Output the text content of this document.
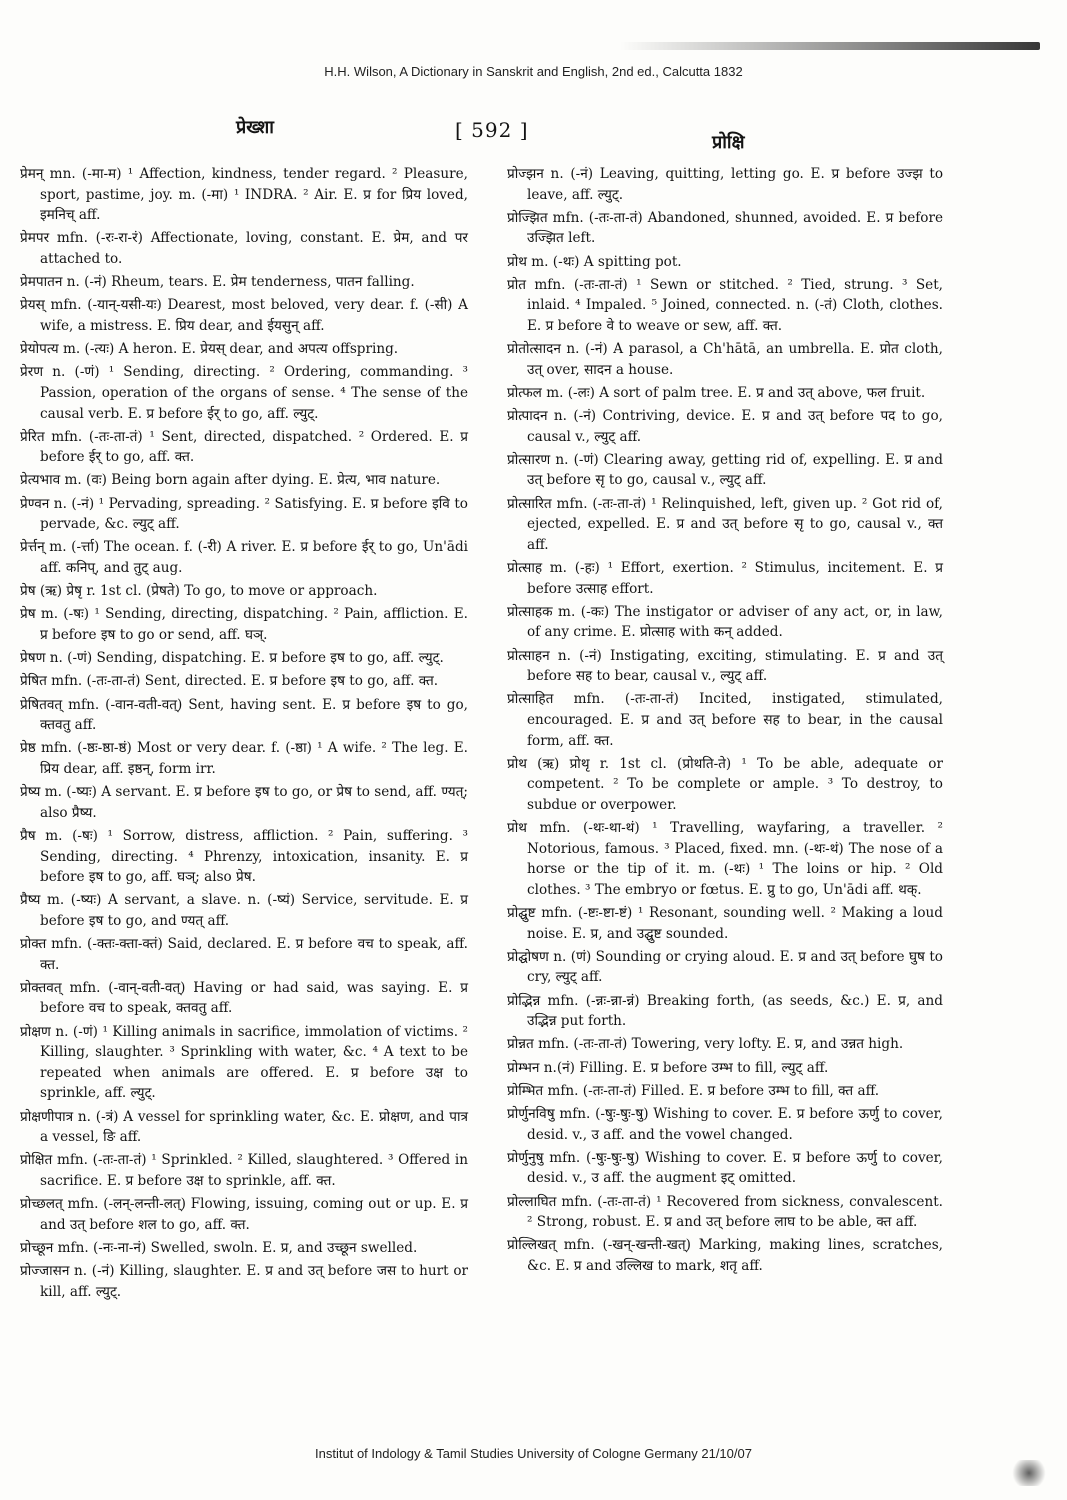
H.H. Wilson, A Dictionary in Sanskrit and English, 2nd ed., Calcutta 1832
प्रेख्शा	[ 592 ]
प्रोक्षि

प्रेमन् mn. (-मा-म) ¹ Affection, kindness, tender regard. ² Pleasure, sport, pastime, joy. m. (-मा) ¹ INDRA. ² Air. E. प्र for प्रिय loved, इमनिच् aff.

प्रेमपर mfn. (-रः-रा-रं) Affectionate, loving, constant. E. प्रेम, and पर attached to.

प्रेमपातन n. (-नं) Rheum, tears. E. प्रेम tenderness, पातन falling.

प्रेयस् mfn. (-यान्-यसी-यः) Dearest, most beloved, very dear. f. (-सी) A wife, a mistress. E. प्रिय dear, and ईयसुन् aff.

प्रेयोपत्य m. (-त्यः) A heron. E. प्रेयस् dear, and अपत्य offspring.

प्रेरण n. (-णं) ¹ Sending, directing. ² Ordering, commanding. ³ Passion, operation of the organs of sense. ⁴ The sense of the causal verb. E. प्र before ईर् to go, aff. ल्युट्.

प्रेरित mfn. (-तः-ता-तं) ¹ Sent, directed, dispatched. ² Ordered. E. प्र before ईर् to go, aff. क्त.

प्रेत्यभाव m. (वः) Being born again after dying. E. प्रेत्य, भाव nature.

प्रेण्वन n. (-नं) ¹ Pervading, spreading. ² Satisfying. E. प्र before इवि to pervade, &c. ल्युट् aff.

प्रेर्त्तन् m. (-र्त्ता) The ocean. f. (-री) A river. E. प्र before ईर् to go, Un'ādi aff. कनिप्, and तुट् aug.

प्रेष (ऋ) प्रेषृ r. 1st cl. (प्रेषते) To go, to move or approach.

प्रेष m. (-षः) ¹ Sending, directing, dispatching. ² Pain, affliction. E. प्र before इष to go or send, aff. घञ्.

प्रेषण n. (-णं) Sending, dispatching. E. प्र before इष to go, aff. ल्युट्.

प्रेषित mfn. (-तः-ता-तं) Sent, directed. E. प्र before इष to go, aff. क्त.

प्रेषितवत् mfn. (-वान-वती-वत्) Sent, having sent. E. प्र before इष to go, क्तवतु aff.

प्रेष्ठ mfn. (-ष्ठः-ष्ठा-ष्ठं) Most or very dear. f. (-ष्ठा) ¹ A wife. ² The leg. E. प्रिय dear, aff. इष्ठन्, form irr.

प्रेष्य m. (-ष्यः) A servant. E. प्र before इष to go, or प्रेष to send, aff. ण्यत्; also प्रैष्य.

प्रैष m. (-षः) ¹ Sorrow, distress, affliction. ² Pain, suffering. ³ Sending, directing. ⁴ Phrenzy, intoxication, insanity. E. प्र before इष to go, aff. घञ्; also प्रेष.

प्रैष्य m. (-ष्यः) A servant, a slave. n. (-ष्यं) Service, servitude. E. प्र before इष to go, and ण्यत् aff.

प्रोक्त mfn. (-क्तः-क्ता-क्तं) Said, declared. E. प्र before वच to speak, aff. क्त.

प्रोक्तवत् mfn. (-वान्-वती-वत्) Having or had said, was saying. E. प्र before वच to speak, क्तवतु aff.

प्रोक्षण n. (-णं) ¹ Killing animals in sacrifice, immolation of victims. ² Killing, slaughter. ³ Sprinkling with water, &c. ⁴ A text to be repeated when animals are offered. E. प्र before उक्ष to sprinkle, aff. ल्युट्.

प्रोक्षणीपात्र n. (-त्रं) A vessel for sprinkling water, &c. E. प्रोक्षण, and पात्र a vessel, ङि aff.

प्रोक्षित mfn. (-तः-ता-तं) ¹ Sprinkled. ² Killed, slaughtered. ³ Offered in sacrifice. E. प्र before उक्ष to sprinkle, aff. क्त.

प्रोच्छलत् mfn. (-लन्-लन्ती-लत्) Flowing, issuing, coming out or up. E. प्र and उत् before शल to go, aff. क्त.

प्रोच्छून mfn. (-नः-ना-नं) Swelled, swoln. E. प्र, and उच्छून swelled.

प्रोज्जासन n. (-नं) Killing, slaughter. E. प्र and उत् before जस to hurt or kill, aff. ल्युट्.

प्रोज्झन n. (-नं) Leaving, quitting, letting go. E. प्र before उज्झ to leave, aff. ल्युट्.

प्रोज्झित mfn. (-तः-ता-तं) Abandoned, shunned, avoided. E. प्र before उज्झित left.

प्रोथ m. (-थः) A spitting pot.

प्रोत mfn. (-तः-ता-तं) ¹ Sewn or stitched. ² Tied, strung. ³ Set, inlaid. ⁴ Impaled. ⁵ Joined, connected. n. (-तं) Cloth, clothes. E. प्र before वे to weave or sew, aff. क्त.

प्रोतोत्सादन n. (-नं) A parasol, a Ch'hātā, an umbrella. E. प्रोत cloth, उत् over, सादन a house.

प्रोत्फल m. (-लः) A sort of palm tree. E. प्र and उत् above, फल fruit.

प्रोत्पादन n. (-नं) Contriving, device. E. प्र and उत् before पद to go, causal v., ल्युट् aff.

प्रोत्सारण n. (-णं) Clearing away, getting rid of, expelling. E. प्र and उत् before सृ to go, causal v., ल्युट् aff.

प्रोत्सारित mfn. (-तः-ता-तं) ¹ Relinquished, left, given up. ² Got rid of, ejected, expelled. E. प्र and उत् before सृ to go, causal v., क्त aff.

प्रोत्साह m. (-हः) ¹ Effort, exertion. ² Stimulus, incitement. E. प्र before उत्साह effort.

प्रोत्साहक m. (-कः) The instigator or adviser of any act, or, in law, of any crime. E. प्रोत्साह with कन् added.

प्रोत्साहन n. (-नं) Instigating, exciting, stimulating. E. प्र and उत् before सह to bear, causal v., ल्युट् aff.

प्रोत्साहित mfn. (-तः-ता-तं) Incited, instigated, stimulated, encouraged. E. प्र and उत् before सह to bear, in the causal form, aff. क्त.

प्रोथ (ऋ) प्रोथृ r. 1st cl. (प्रोथति-ते) ¹ To be able, adequate or competent. ² To be complete or ample. ³ To destroy, to subdue or overpower.

प्रोथ mfn. (-थः-था-थं) ¹ Travelling, wayfaring, a traveller. ² Notorious, famous. ³ Placed, fixed. mn. (-थः-थं) The nose of a horse or the tip of it. m. (-थः) ¹ The loins or hip. ² Old clothes. ³ The embryo or fœtus. E. प्रु to go, Un'ādi aff. थक्.

प्रोद्घुष्ट mfn. (-ष्टः-ष्टा-ष्टं) ¹ Resonant, sounding well. ² Making a loud noise. E. प्र, and उद्घुष्ट sounded.

प्रोद्घोषण n. (णं) Sounding or crying aloud. E. प्र and उत् before घुष to cry, ल्युट् aff.

प्रोद्भिन्न mfn. (-न्नः-न्ना-न्नं) Breaking forth, (as seeds, &c.) E. प्र, and उद्भिन्न put forth.

प्रोन्नत mfn. (-तः-ता-तं) Towering, very lofty. E. प्र, and उन्नत high.

प्रोम्भन n.(नं) Filling. E. प्र before उम्भ to fill, ल्युट् aff.

प्रोम्भित mfn. (-तः-ता-तं) Filled. E. प्र before उम्भ to fill, क्त aff.

प्रोर्णुनविषु mfn. (-षुः-षुः-षु) Wishing to cover. E. प्र before ऊर्णु to cover, desid. v., उ aff. and the vowel changed.

प्रोर्णुनुषु mfn. (-षुः-षुः-षु) Wishing to cover. E. प्र before ऊर्णु to cover, desid. v., उ aff. the augment इट् omitted.

प्रोल्लाघित mfn. (-तः-ता-तं) ¹ Recovered from sickness, convalescent. ² Strong, robust. E. प्र and उत् before लाघ to be able, क्त aff.

प्रोल्लिखत् mfn. (-खन्-खन्ती-खत्) Marking, making lines, scratches, &c. E. प्र and उल्लिख to mark, शतृ aff.

Institut of Indology & Tamil Studies University of Cologne Germany 21/10/07
